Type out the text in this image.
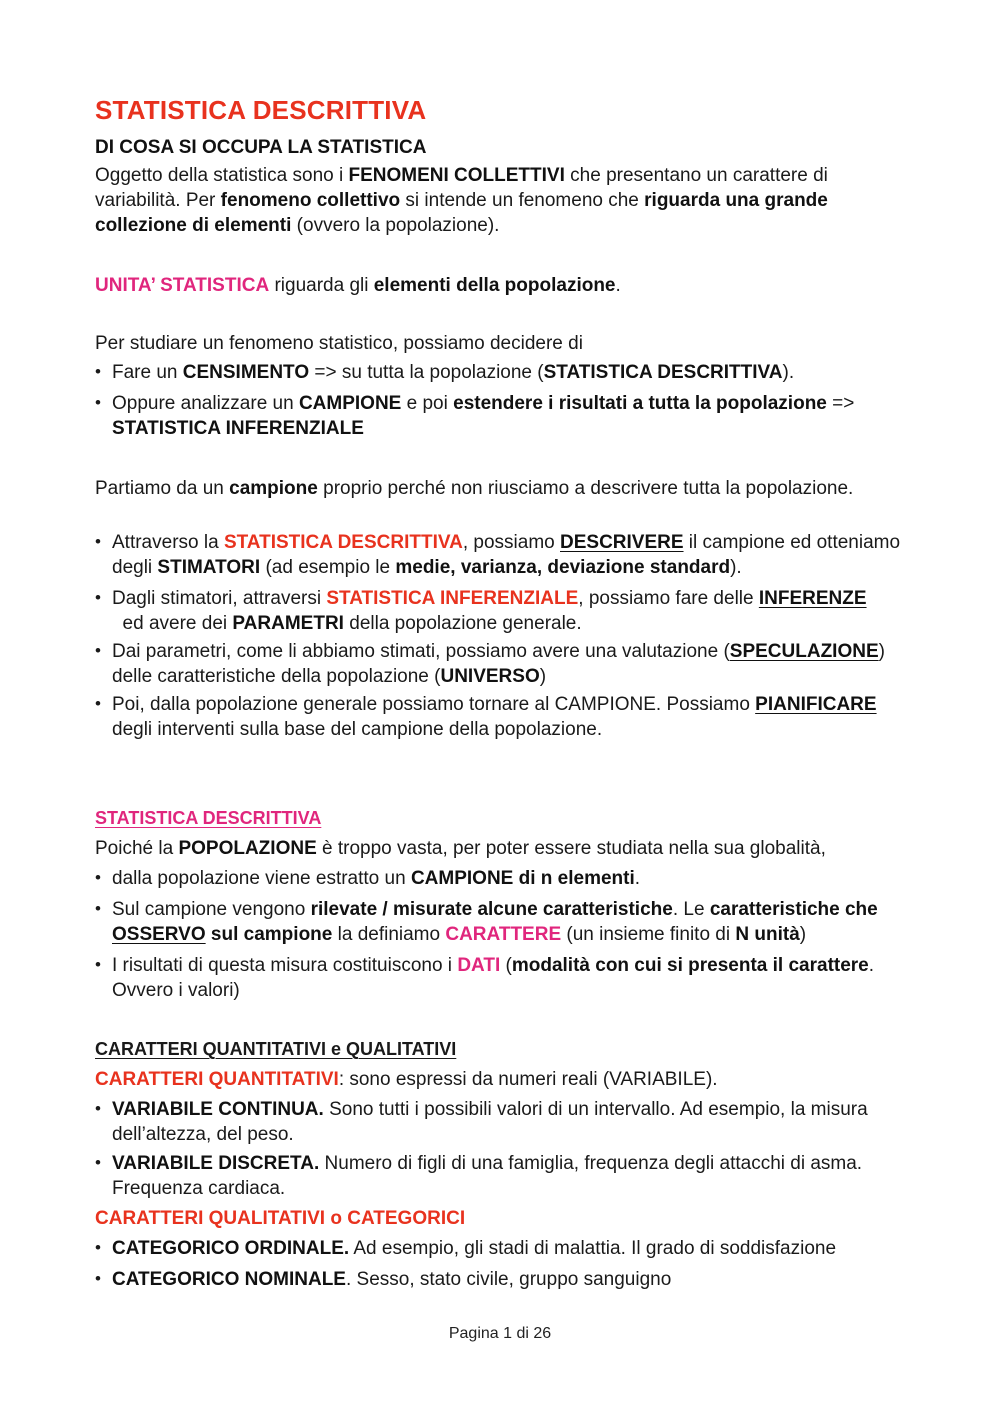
STATISTICA DESCRITTIVA
DI COSA SI OCCUPA LA STATISTICA

Oggetto della statistica sono i FENOMENI COLLETTIVI che presentano un carattere di variabilità. Per fenomeno collettivo si intende un fenomeno che riguarda una grande collezione di elementi (ovvero la popolazione).

UNITA’ STATISTICA riguarda gli elementi della popolazione.

Per studiare un fenomeno statistico, possiamo decidere di

• Fare un CENSIMENTO => su tutta la popolazione (STATISTICA DESCRITTIVA).
• Oppure analizzare un CAMPIONE e poi estendere i risultati a tutta la popolazione => STATISTICA INFERENZIALE

Partiamo da un campione proprio perché non riusciamo a descrivere tutta la popolazione.

• Attraverso la STATISTICA DESCRITTIVA, possiamo DESCRIVERE il campione ed otteniamo degli STIMATORI (ad esempio le medie, varianza, deviazione standard).
• Dagli stimatori, attraversi STATISTICA INFERENZIALE, possiamo fare delle INFERENZE  ed avere dei PARAMETRI della popolazione generale.
• Dai parametri, come li abbiamo stimati, possiamo avere una valutazione (SPECULAZIONE) delle caratteristiche della popolazione (UNIVERSO)
• Poi, dalla popolazione generale possiamo tornare al CAMPIONE. Possiamo PIANIFICARE degli interventi sulla base del campione della popolazione.
STATISTICA DESCRITTIVA

Poiché la POPOLAZIONE è troppo vasta, per poter essere studiata nella sua globalità,

• dalla popolazione viene estratto un CAMPIONE di n elementi.
• Sul campione vengono rilevate / misurate alcune caratteristiche. Le caratteristiche che OSSERVO sul campione la definiamo CARATTERE (un insieme finito di N unità)
• I risultati di questa misura costituiscono i DATI (modalità con cui si presenta il carattere. Ovvero i valori)
CARATTERI QUANTITATIVI e QUALITATIVI

CARATTERI QUANTITATIVI: sono espressi da numeri reali (VARIABILE).

• VARIABILE CONTINUA. Sono tutti i possibili valori di un intervallo. Ad esempio, la misura dell’altezza, del peso.
• VARIABILE DISCRETA. Numero di figli di una famiglia, frequenza degli attacchi di asma. Frequenza cardiaca.

CARATTERI QUALITATIVI o CATEGORICI

• CATEGORICO ORDINALE. Ad esempio, gli stadi di malattia. Il grado di soddisfazione
• CATEGORICO NOMINALE. Sesso, stato civile, gruppo sanguigno
Pagina 1 di 26
